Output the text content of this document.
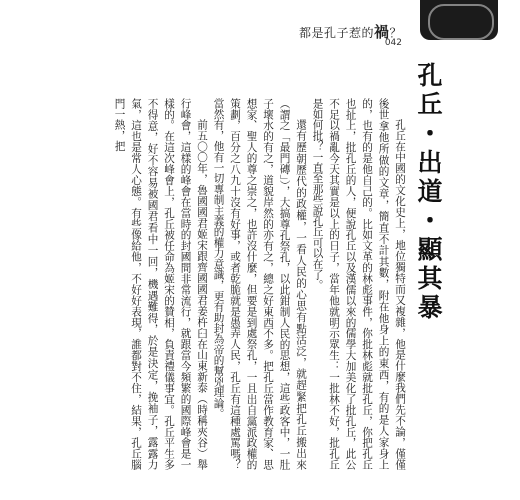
都是孔子惹的禍？
042
孔丘・出道・顯其暴

孔丘在中國的文化史上，地位獨特而又複雜，他是什麼我們先不論，僅僅後世拿他所做的文章，簡直不計其數，附在他身上的東西，有的是人家身上的，也有的是他自己的。比如文革的林彪事件，你批林彪就批孔丘，你把孔丘也扯上，批孔丘的人，便說孔丘以及漢儒以來的儒學大加美化了批孔丘，此公不足以禍亂今天其實是以上的日子，當年他就明示眾生：一批林不好，批孔丘是如何批？一直至那些說孔丘可以在了。

還有歷朝歷代的政權，一看人民的心思有點活泛，就趕緊把孔丘搬出來（謂之「最門磚」），大搞尊孔祭孔，以此鉗制人民的思想，這些政客中，一肚子壞水的有之，道貌岸然的亦有之，總之好東西不多。把孔丘當作教育家、思想家、聖人的尊之崇之，也許沒什麼，但要是到處祭孔，一且出自黨派政權的策劃，百分之八九十沒有好事，或者乾脆就是愚弄人民，孔丘有這種處罵嗎？當然有，他有一切專制主義的權力意識，更有助封為帝的幫兇理論。

前五〇〇年，魯國國君姬宋跟齊國國君姜杵臼在山東新泰（時稱夾谷）舉行峰會，這樣的峰會在當時的封國間非常流行，就跟當今頻繁的國際峰會是一樣的。在這次峰會上，孔丘被任命為姬宋的贊相，負責禮儀事宜。孔丘平生多不得意，好不容易被國君看中一回，機遇難得，於是決定，挽袖子，露露力氣，這也是常人心態。有些像給他，不好好表現，誰都對不住，結果，孔丘腦門一熱，把
